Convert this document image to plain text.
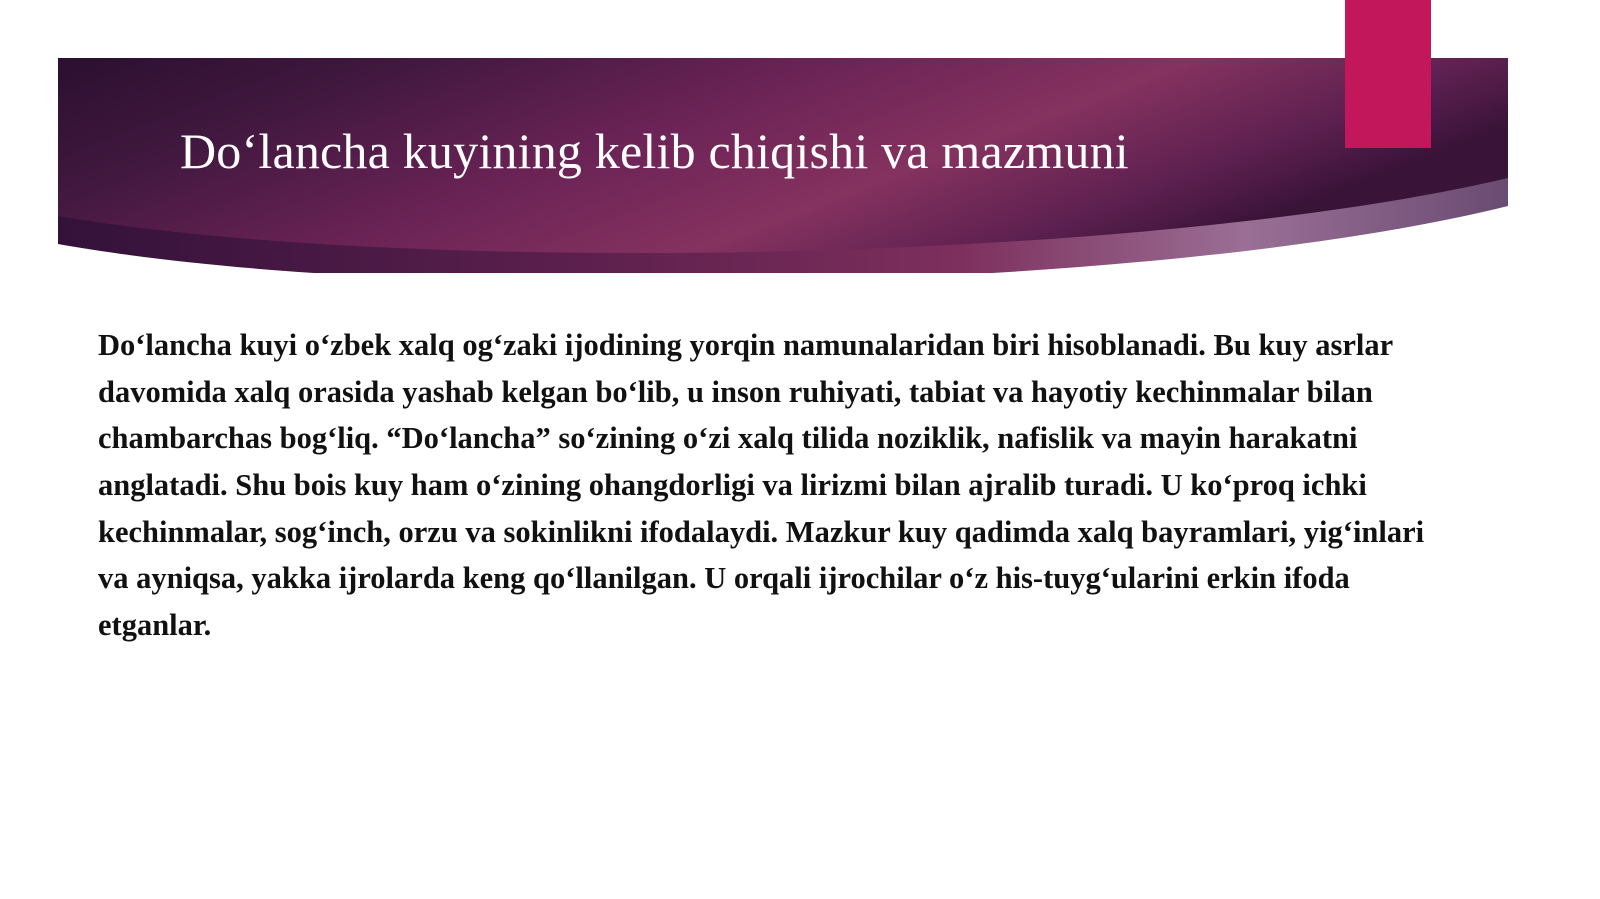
Do‘lancha kuyining kelib chiqishi va mazmuni

Do‘lancha kuyi o‘zbek xalq og‘zaki ijodining yorqin namunalaridan biri hisoblanadi. Bu kuy asrlar davomida xalq orasida yashab kelgan bo‘lib, u inson ruhiyati, tabiat va hayotiy kechinmalar bilan chambarchas bog‘liq. “Do‘lancha” so‘zining o‘zi xalq tilida noziklik, nafislik va mayin harakatni anglatadi. Shu bois kuy ham o‘zining ohangdorligi va lirizmi bilan ajralib turadi. U ko‘proq ichki kechinmalar, sog‘inch, orzu va sokinlikni ifodalaydi. Mazkur kuy qadimda xalq bayramlari, yig‘inlari va ayniqsa, yakka ijrolarda keng qo‘llanilgan. U orqali ijrochilar o‘z his-tuyg‘ularini erkin ifoda etganlar.
